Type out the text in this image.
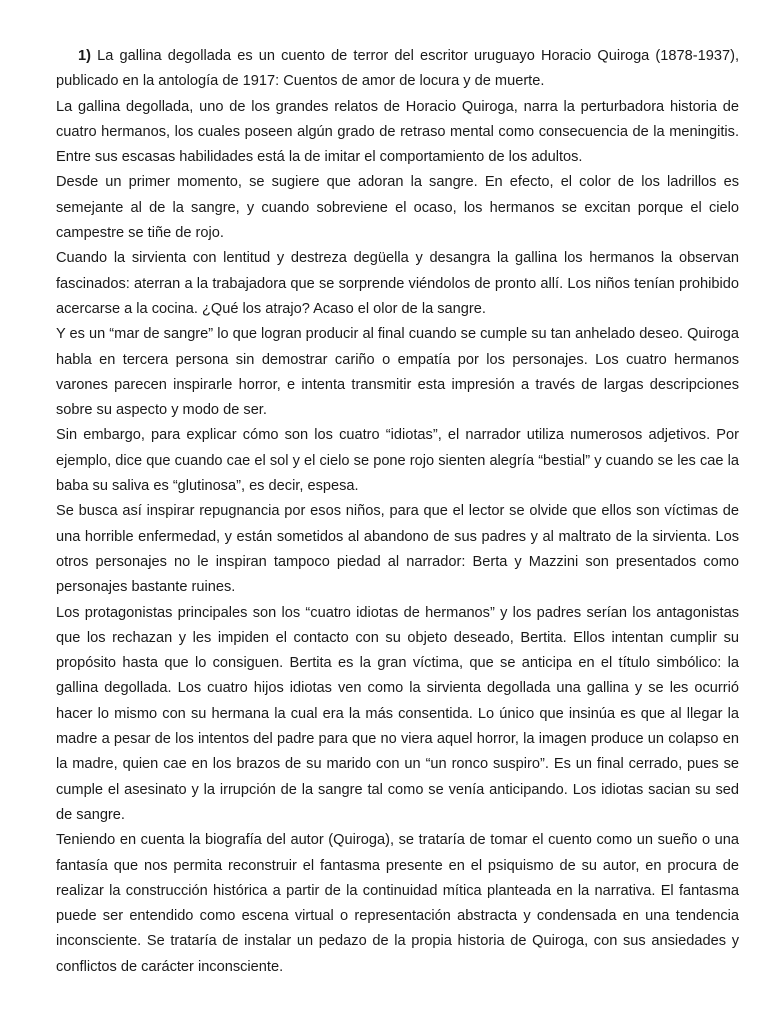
1) La gallina degollada es un cuento de terror del escritor uruguayo Horacio Quiroga (1878-1937), publicado en la antología de 1917: Cuentos de amor de locura y de muerte.

La gallina degollada, uno de los grandes relatos de Horacio Quiroga, narra la perturbadora historia de cuatro hermanos, los cuales poseen algún grado de retraso mental como consecuencia de la meningitis. Entre sus escasas habilidades está la de imitar el comportamiento de los adultos.

Desde un primer momento, se sugiere que adoran la sangre. En efecto, el color de los ladrillos es semejante al de la sangre, y cuando sobreviene el ocaso, los hermanos se excitan porque el cielo campestre se tiñe de rojo.

Cuando la sirvienta con lentitud y destreza degüella y desangra la gallina los hermanos la observan fascinados: aterran a la trabajadora que se sorprende viéndolos de pronto allí. Los niños tenían prohibido acercarse a la cocina. ¿Qué los atrajo? Acaso el olor de la sangre.

Y es un “mar de sangre” lo que logran producir al final cuando se cumple su tan anhelado deseo. Quiroga habla en tercera persona sin demostrar cariño o empatía por los personajes. Los cuatro hermanos varones parecen inspirarle horror, e intenta transmitir esta impresión a través de largas descripciones sobre su aspecto y modo de ser.

Sin embargo, para explicar cómo son los cuatro “idiotas”, el narrador utiliza numerosos adjetivos. Por ejemplo, dice que cuando cae el sol y el cielo se pone rojo sienten alegría “bestial” y cuando se les cae la baba su saliva es “glutinosa”, es decir, espesa.

Se busca así inspirar repugnancia por esos niños, para que el lector se olvide que ellos son víctimas de una horrible enfermedad, y están sometidos al abandono de sus padres y al maltrato de la sirvienta. Los otros personajes no le inspiran tampoco piedad al narrador: Berta y Mazzini son presentados como personajes bastante ruines.

Los protagonistas principales son los “cuatro idiotas de hermanos” y los padres serían los antagonistas que los rechazan y les impiden el contacto con su objeto deseado, Bertita. Ellos intentan cumplir su propósito hasta que lo consiguen. Bertita es la gran víctima, que se anticipa en el título simbólico: la gallina degollada. Los cuatro hijos idiotas ven como la sirvienta degollada una gallina y se les ocurrió hacer lo mismo con su hermana la cual era la más consentida. Lo único que insinúa es que al llegar la madre a pesar de los intentos del padre para que no viera aquel horror, la imagen produce un colapso en la madre, quien cae en los brazos de su marido con un “un ronco suspiro”. Es un final cerrado, pues se cumple el asesinato y la irrupción de la sangre tal como se venía anticipando. Los idiotas sacian su sed de sangre.

Teniendo en cuenta la biografía del autor (Quiroga), se trataría de tomar el cuento como un sueño o una fantasía que nos permita reconstruir el fantasma presente en el psiquismo de su autor, en procura de realizar la construcción histórica a partir de la continuidad mítica planteada en la narrativa. El fantasma puede ser entendido como escena virtual o representación abstracta y condensada en una tendencia inconsciente. Se trataría de instalar un pedazo de la propia historia de Quiroga, con sus ansiedades y conflictos de carácter inconsciente.
